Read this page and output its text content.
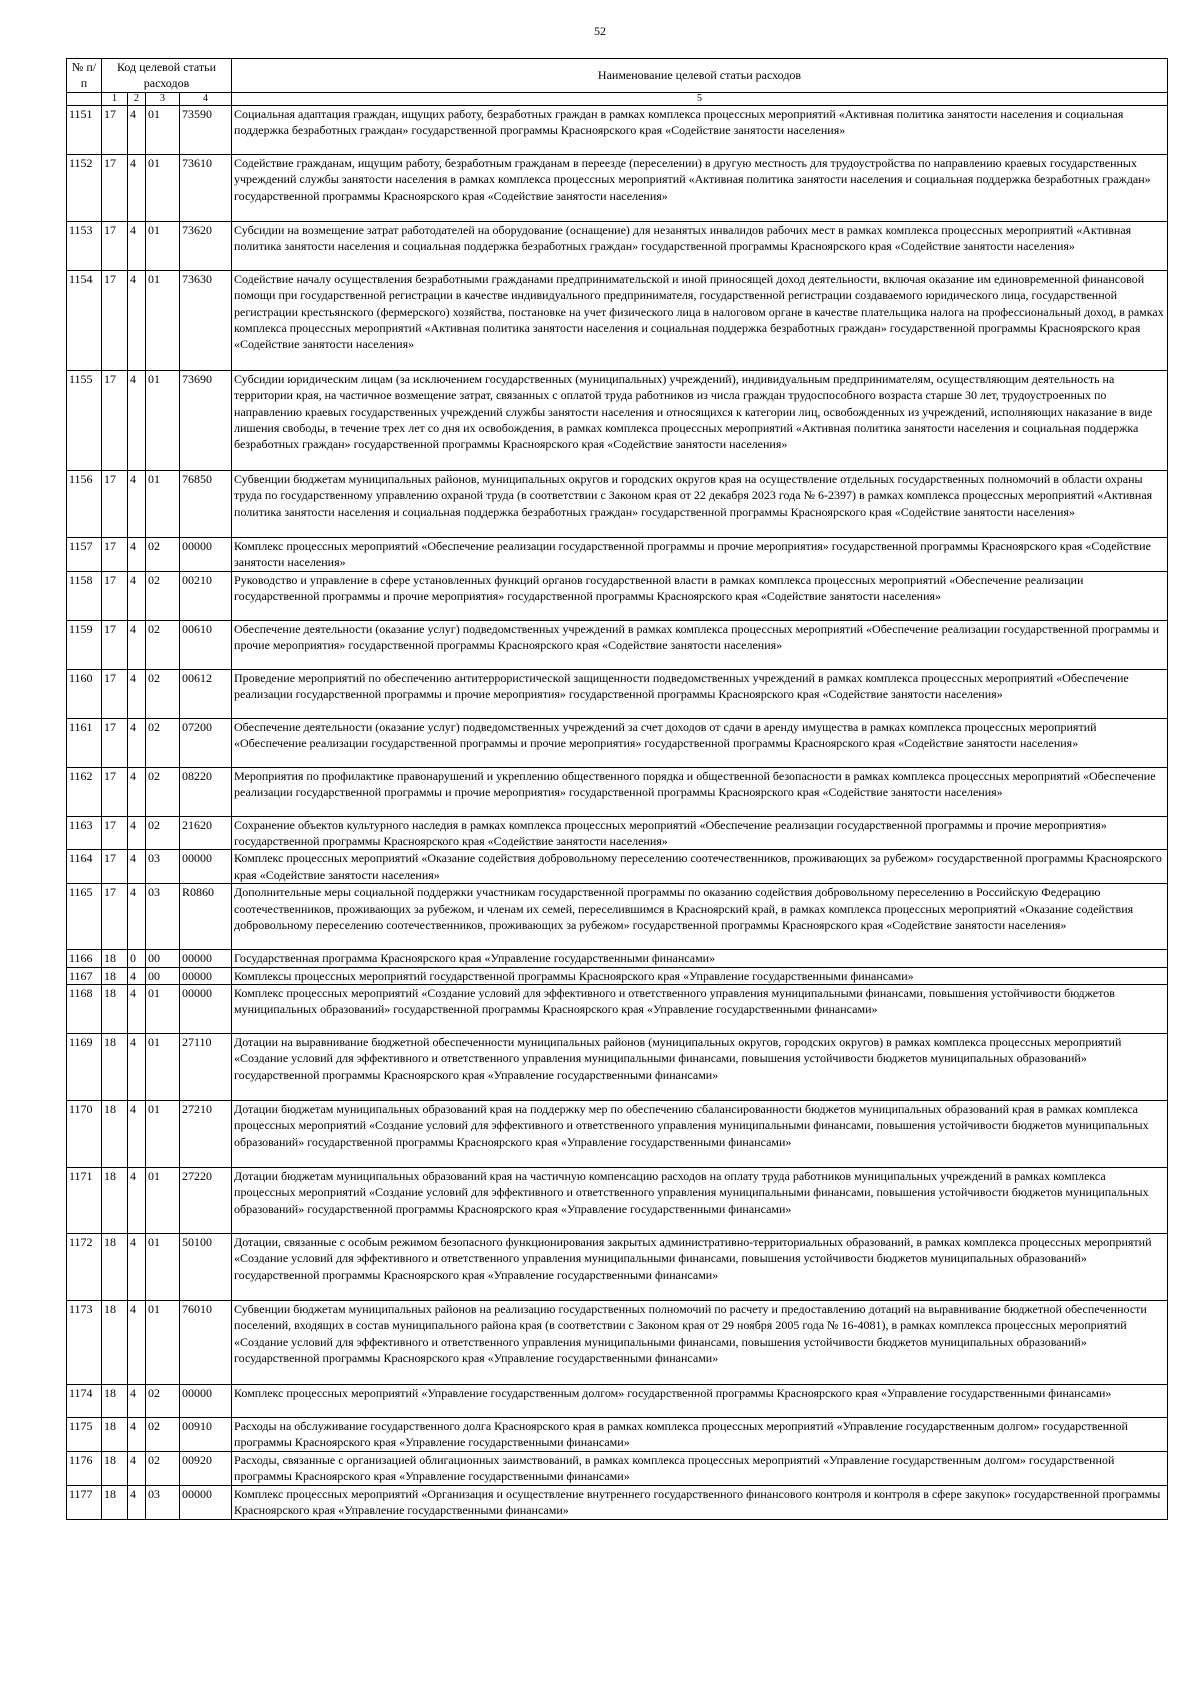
52
№ п/п	Код целевой статьи расходов				Наименование целевой статьи расходов

	1	2	3	4	5
1151	17	4	01	73590	Социальная адаптация граждан, ищущих работу, безработных граждан в рамках комплекса процессных мероприятий «Активная политика занятости населения и социальная поддержка безработных граждан» государственной программы Красноярского края «Содействие занятости населения»
1152	17	4	01	73610	Содействие гражданам, ищущим работу, безработным гражданам в переезде (переселении) в другую местность для трудоустройства по направлению краевых государственных учреждений службы занятости населения в рамках комплекса процессных мероприятий «Активная политика занятости населения и социальная поддержка безработных граждан» государственной программы Красноярского края «Содействие занятости населения»
1153	17	4	01	73620	Субсидии на возмещение затрат работодателей на оборудование (оснащение) для незанятых инвалидов рабочих мест в рамках комплекса процессных мероприятий «Активная политика занятости населения и социальная поддержка безработных граждан» государственной программы Красноярского края «Содействие занятости населения»
1154	17	4	01	73630	Содействие началу осуществления безработными гражданами предпринимательской и иной приносящей доход деятельности, включая оказание им единовременной финансовой помощи при государственной регистрации в качестве индивидуального предпринимателя, государственной регистрации создаваемого юридического лица, государственной регистрации крестьянского (фермерского) хозяйства, постановке на учет физического лица в налоговом органе в качестве плательщика налога на профессиональный доход, в рамках комплекса процессных мероприятий «Активная политика занятости населения и социальная поддержка безработных граждан» государственной программы Красноярского края «Содействие занятости населения»
1155	17	4	01	73690	Субсидии юридическим лицам (за исключением государственных (муниципальных) учреждений), индивидуальным предпринимателям, осуществляющим деятельность на территории края, на частичное возмещение затрат, связанных с оплатой труда работников из числа граждан трудоспособного возраста старше 30 лет, трудоустроенных по направлению краевых государственных учреждений службы занятости населения и относящихся к категории лиц, освобожденных из учреждений, исполняющих наказание в виде лишения свободы, в течение трех лет со дня их освобождения, в рамках комплекса процессных мероприятий «Активная политика занятости населения и социальная поддержка безработных граждан» государственной программы Красноярского края «Содействие занятости населения»
1156	17	4	01	76850	Субвенции бюджетам муниципальных районов, муниципальных округов и городских округов края на осуществление отдельных государственных полномочий в области охраны труда по государственному управлению охраной труда (в соответствии с Законом края от 22 декабря 2023 года № 6-2397) в рамках комплекса процессных мероприятий «Активная политика занятости населения и социальная поддержка безработных граждан» государственной программы Красноярского края «Содействие занятости населения»
1157	17	4	02	00000	Комплекс процессных мероприятий «Обеспечение реализации государственной программы и прочие мероприятия» государственной программы Красноярского края «Содействие занятости населения»
1158	17	4	02	00210	Руководство и управление в сфере установленных функций органов государственной власти в рамках комплекса процессных мероприятий «Обеспечение реализации государственной программы и прочие мероприятия» государственной программы Красноярского края «Содействие занятости населения»
1159	17	4	02	00610	Обеспечение деятельности (оказание услуг) подведомственных учреждений в рамках комплекса процессных мероприятий «Обеспечение реализации государственной программы и прочие мероприятия» государственной программы Красноярского края «Содействие занятости населения»
1160	17	4	02	00612	Проведение мероприятий по обеспечению антитеррористической защищенности подведомственных учреждений в рамках комплекса процессных мероприятий «Обеспечение реализации государственной программы и прочие мероприятия» государственной программы Красноярского края «Содействие занятости населения»
1161	17	4	02	07200	Обеспечение деятельности (оказание услуг) подведомственных учреждений за счет доходов от сдачи в аренду имущества в рамках комплекса процессных мероприятий «Обеспечение реализации государственной программы и прочие мероприятия» государственной программы Красноярского края «Содействие занятости населения»
1162	17	4	02	08220	Мероприятия по профилактике правонарушений и укреплению общественного порядка и общественной безопасности в рамках комплекса процессных мероприятий «Обеспечение реализации государственной программы и прочие мероприятия» государственной программы Красноярского края «Содействие занятости населения»
1163	17	4	02	21620	Сохранение объектов культурного наследия в рамках комплекса процессных мероприятий «Обеспечение реализации государственной программы и прочие мероприятия» государственной программы Красноярского края «Содействие занятости населения»
1164	17	4	03	00000	Комплекс процессных мероприятий «Оказание содействия добровольному переселению соотечественников, проживающих за рубежом» государственной программы Красноярского края «Содействие занятости населения»
1165	17	4	03	R0860	Дополнительные меры социальной поддержки участникам государственной программы по оказанию содействия добровольному переселению в Российскую Федерацию соотечественников, проживающих за рубежом, и членам их семей, переселившимся в Красноярский край, в рамках комплекса процессных мероприятий «Оказание содействия добровольному переселению соотечественников, проживающих за рубежом» государственной программы Красноярского края «Содействие занятости населения»
1166	18	0	00	00000	Государственная программа Красноярского края «Управление государственными финансами»
1167	18	4	00	00000	Комплексы процессных мероприятий государственной программы Красноярского края «Управление государственными финансами»
1168	18	4	01	00000	Комплекс процессных мероприятий «Создание условий для эффективного и ответственного управления муниципальными финансами, повышения устойчивости бюджетов муниципальных образований» государственной программы Красноярского края «Управление государственными финансами»
1169	18	4	01	27110	Дотации на выравнивание бюджетной обеспеченности муниципальных районов (муниципальных округов, городских округов) в рамках комплекса процессных мероприятий «Создание условий для эффективного и ответственного управления муниципальными финансами, повышения устойчивости бюджетов муниципальных образований» государственной программы Красноярского края «Управление государственными финансами»
1170	18	4	01	27210	Дотации бюджетам муниципальных образований края на поддержку мер по обеспечению сбалансированности бюджетов муниципальных образований края в рамках комплекса процессных мероприятий «Создание условий для эффективного и ответственного управления муниципальными финансами, повышения устойчивости бюджетов муниципальных образований» государственной программы Красноярского края «Управление государственными финансами»
1171	18	4	01	27220	Дотации бюджетам муниципальных образований края на частичную компенсацию расходов на оплату труда работников муниципальных учреждений в рамках комплекса процессных мероприятий «Создание условий для эффективного и ответственного управления муниципальными финансами, повышения устойчивости бюджетов муниципальных образований» государственной программы Красноярского края «Управление государственными финансами»
1172	18	4	01	50100	Дотации, связанные с особым режимом безопасного функционирования закрытых административно-территориальных образований, в рамках комплекса процессных мероприятий «Создание условий для эффективного и ответственного управления муниципальными финансами, повышения устойчивости бюджетов муниципальных образований» государственной программы Красноярского края «Управление государственными финансами»
1173	18	4	01	76010	Субвенции бюджетам муниципальных районов на реализацию государственных полномочий по расчету и предоставлению дотаций на выравнивание бюджетной обеспеченности поселений, входящих в состав муниципального района края (в соответствии с Законом края от 29 ноября 2005 года № 16-4081), в рамках комплекса процессных мероприятий «Создание условий для эффективного и ответственного управления муниципальными финансами, повышения устойчивости бюджетов муниципальных образований» государственной программы Красноярского края «Управление государственными финансами»
1174	18	4	02	00000	Комплекс процессных мероприятий «Управление государственным долгом» государственной программы Красноярского края «Управление государственными финансами»
1175	18	4	02	00910	Расходы на обслуживание государственного долга Красноярского края в рамках комплекса процессных мероприятий «Управление государственным долгом» государственной программы Красноярского края «Управление государственными финансами»
1176	18	4	02	00920	Расходы, связанные с организацией облигационных заимствований, в рамках комплекса процессных мероприятий «Управление государственным долгом» государственной программы Красноярского края «Управление государственными финансами»
1177	18	4	03	00000	Комплекс процессных мероприятий «Организация и осуществление внутреннего государственного финансового контроля и контроля в сфере закупок» государственной программы Красноярского края «Управление государственными финансами»
